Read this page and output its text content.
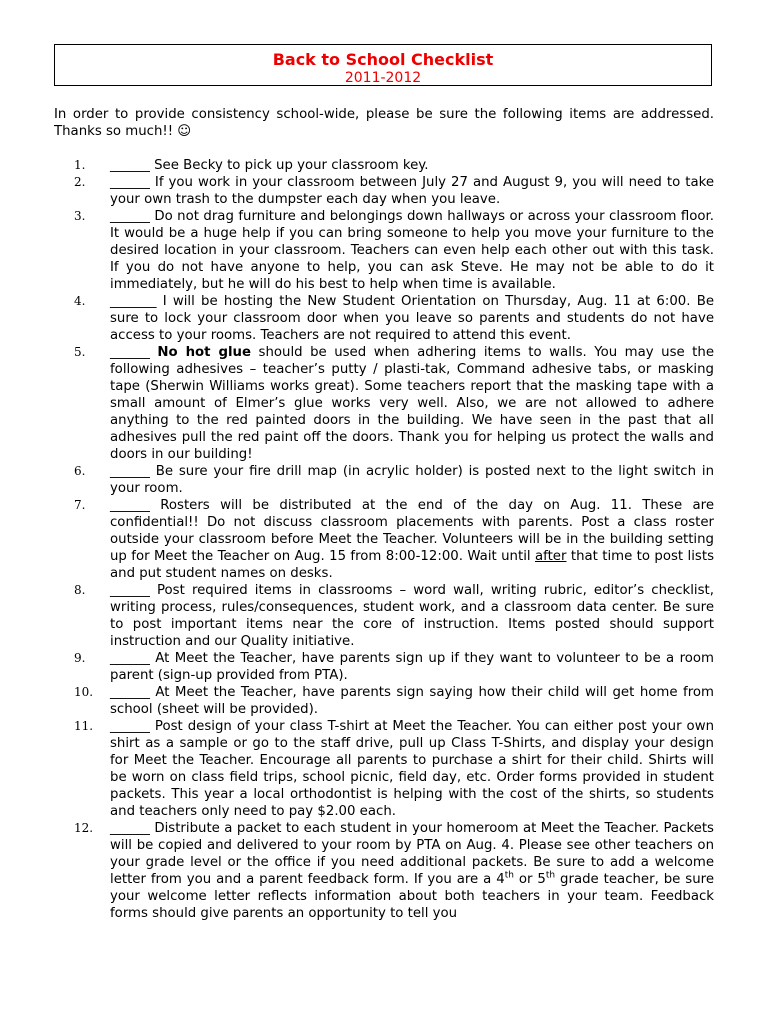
Back to School Checklist
2011-2012
In order to provide consistency school-wide, please be sure the following items are addressed. Thanks so much!! ☺
1. ______ See Becky to pick up your classroom key.
2. ______ If you work in your classroom between July 27 and August 9, you will need to take your own trash to the dumpster each day when you leave.
3. ______ Do not drag furniture and belongings down hallways or across your classroom floor. It would be a huge help if you can bring someone to help you move your furniture to the desired location in your classroom. Teachers can even help each other out with this task. If you do not have anyone to help, you can ask Steve. He may not be able to do it immediately, but he will do his best to help when time is available.
4. _______ I will be hosting the New Student Orientation on Thursday, Aug. 11 at 6:00. Be sure to lock your classroom door when you leave so parents and students do not have access to your rooms. Teachers are not required to attend this event.
5. ______ No hot glue should be used when adhering items to walls. You may use the following adhesives – teacher’s putty / plasti-tak, Command adhesive tabs, or masking tape (Sherwin Williams works great). Some teachers report that the masking tape with a small amount of Elmer’s glue works very well. Also, we are not allowed to adhere anything to the red painted doors in the building. We have seen in the past that all adhesives pull the red paint off the doors. Thank you for helping us protect the walls and doors in our building!
6. ______ Be sure your fire drill map (in acrylic holder) is posted next to the light switch in your room.
7. ______ Rosters will be distributed at the end of the day on Aug. 11. These are confidential!! Do not discuss classroom placements with parents. Post a class roster outside your classroom before Meet the Teacher. Volunteers will be in the building setting up for Meet the Teacher on Aug. 15 from 8:00-12:00. Wait until after that time to post lists and put student names on desks.
8. ______ Post required items in classrooms – word wall, writing rubric, editor’s checklist, writing process, rules/consequences, student work, and a classroom data center. Be sure to post important items near the core of instruction. Items posted should support instruction and our Quality initiative.
9. ______ At Meet the Teacher, have parents sign up if they want to volunteer to be a room parent (sign-up provided from PTA).
10. ______ At Meet the Teacher, have parents sign saying how their child will get home from school (sheet will be provided).
11. ______ Post design of your class T-shirt at Meet the Teacher. You can either post your own shirt as a sample or go to the staff drive, pull up Class T-Shirts, and display your design for Meet the Teacher. Encourage all parents to purchase a shirt for their child. Shirts will be worn on class field trips, school picnic, field day, etc. Order forms provided in student packets. This year a local orthodontist is helping with the cost of the shirts, so students and teachers only need to pay $2.00 each.
12. ______ Distribute a packet to each student in your homeroom at Meet the Teacher. Packets will be copied and delivered to your room by PTA on Aug. 4. Please see other teachers on your grade level or the office if you need additional packets. Be sure to add a welcome letter from you and a parent feedback form. If you are a 4th or 5th grade teacher, be sure your welcome letter reflects information about both teachers in your team. Feedback forms should give parents an opportunity to tell you
